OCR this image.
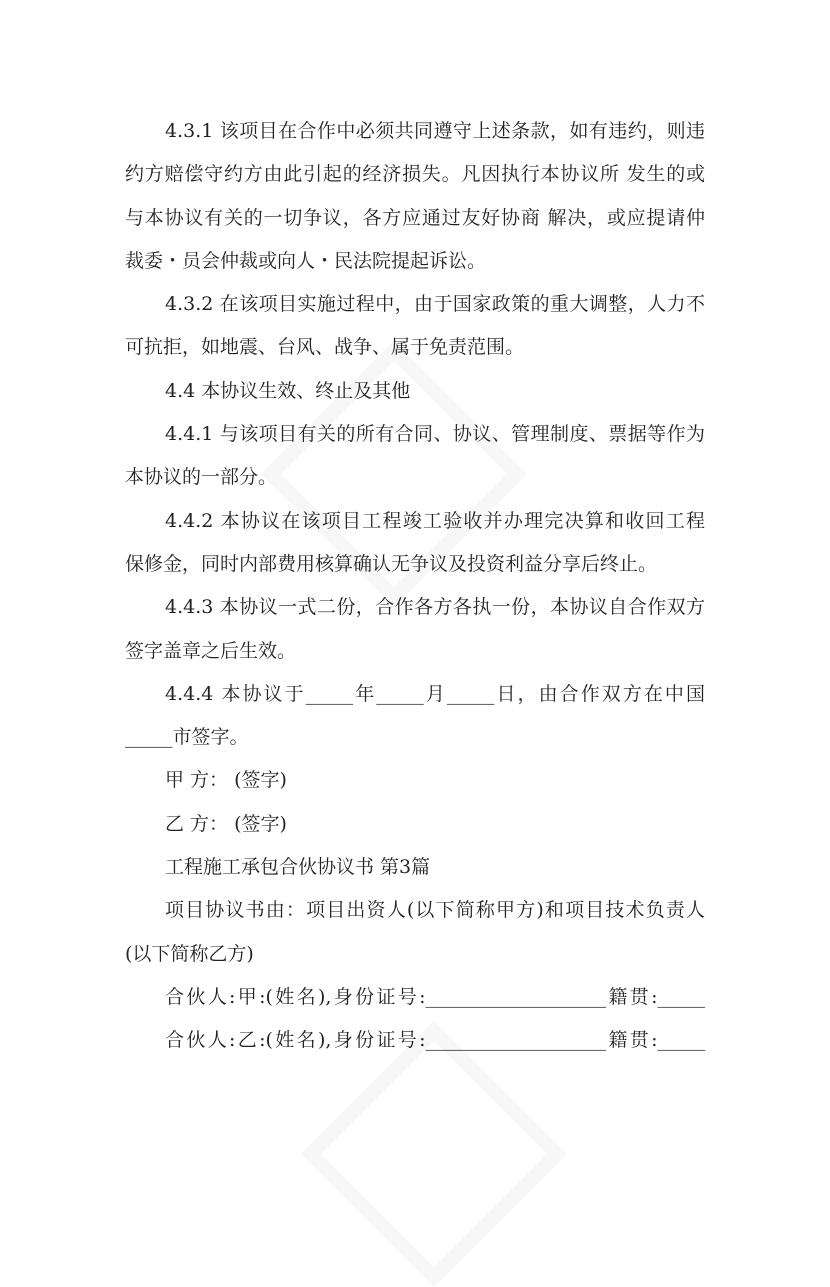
4.3.1 该项目在合作中必须共同遵守上述条款，如有违约，则违
约方赔偿守约方由此引起的经济损失。凡因执行本协议所 发生的或
与本协议有关的一切争议，各方应通过友好协商 解决，或应提请仲
裁委・员会仲裁或向人・民法院提起诉讼。
4.3.2 在该项目实施过程中，由于国家政策的重大调整，人力不
可抗拒，如地震、台风、战争、属于免责范围。
4.4 本协议生效、终止及其他
4.4.1 与该项目有关的所有合同、协议、管理制度、票据等作为
本协议的一部分。
4.4.2 本协议在该项目工程竣工验收并办理完决算和收回工程
保修金，同时内部费用核算确认无争议及投资利益分享后终止。
4.4.3 本协议一式二份，合作各方各执一份，本协议自合作双方
签字盖章之后生效。
4.4.4 本协议于_____年_____月_____日，由合作双方在中国
_____市签字。
甲 方： (签字)
乙 方： (签字)
工程施工承包合伙协议书 第3篇
项目协议书由：项目出资人(以下简称甲方)和项目技术负责人
(以下简称乙方)
合伙人:甲:(姓名),身份证号:___________________籍贯:_____
合伙人:乙:(姓名),身份证号:___________________籍贯:_____
